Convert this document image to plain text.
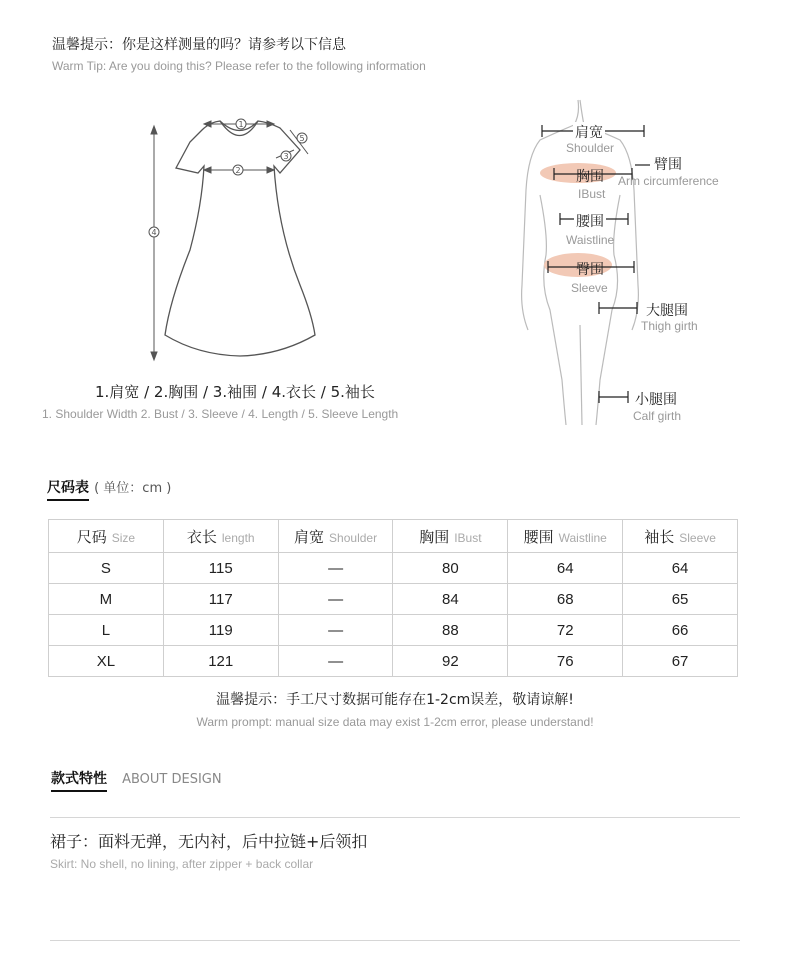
温馨提示：你是这样测量的吗？请参考以下信息
Warm Tip: Are you doing this? Please refer to the following information
1
2
3
4
5
1.肩宽 / 2.胸围 / 3.袖围 / 4.衣长 / 5.袖长
1. Shoulder Width 2. Bust / 3. Sleeve / 4. Length / 5. Sleeve Length
肩宽
Shoulder
臂围
Arm circumference
胸围
IBust
腰围
Waistline
臀围
Sleeve
大腿围
Thigh girth
小腿围
Calf girth
尺码表 ( 单位：cm )
尺码 Size	衣长 length	肩宽 Shoulder	胸围 IBust	腰围 Waistline	袖长 Sleeve
S	115	—	80	64	64
M	117	—	84	68	65
L	119	—	88	72	66
XL	121	—	92	76	67
温馨提示：手工尺寸数据可能存在1-2cm误差，敬请谅解!
Warm prompt: manual size data may exist 1-2cm error, please understand!
款式特性 ABOUT DESIGN
裙子：面料无弹，无内衬，后中拉链+后领扣
Skirt: No shell, no lining, after zipper + back collar
